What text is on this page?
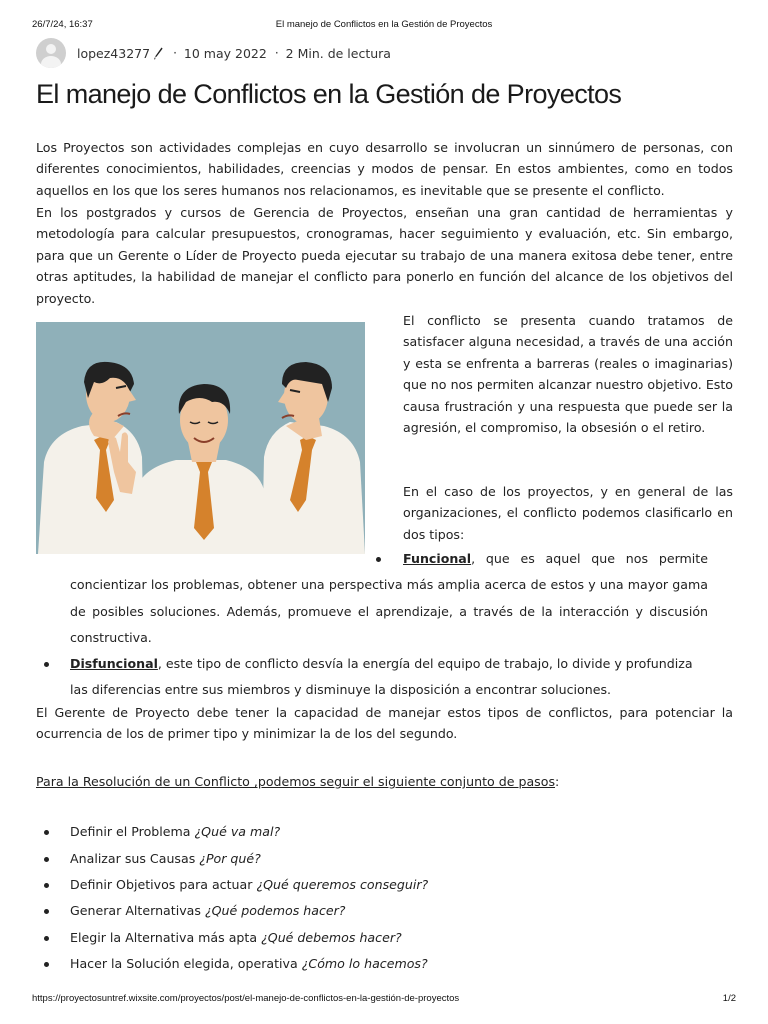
26/7/24, 16:37	El manejo de Conflictos en la Gestión de Proyectos
lopez43277 · 10 may 2022 · 2 Min. de lectura
El manejo de Conflictos en la Gestión de Proyectos

Los Proyectos son actividades complejas en cuyo desarrollo se involucran un sinnúmero de personas, con diferentes conocimientos, habilidades, creencias y modos de pensar. En estos ambientes, como en todos aquellos en los que los seres humanos nos relacionamos, es inevitable que se presente el conflicto.

En los postgrados y cursos de Gerencia de Proyectos, enseñan una gran cantidad de herramientas y metodología para calcular presupuestos, cronogramas, hacer seguimiento y evaluación, etc. Sin embargo, para que un Gerente o Líder de Proyecto pueda ejecutar su trabajo de una manera exitosa debe tener, entre otras aptitudes, la habilidad de manejar el conflicto para ponerlo en función del alcance de los objetivos del proyecto.

El conflicto se presenta cuando tratamos de satisfacer alguna necesidad, a través de una acción y esta se enfrenta a barreras (reales o imaginarias) que no nos permiten alcanzar nuestro objetivo. Esto causa frustración y una respuesta que puede ser la agresión, el compromiso, la obsesión o el retiro.

En el caso de los proyectos, y en general de las organizaciones, el conflicto podemos clasificarlo en dos tipos:

Funcional, que es aquel que nos permite

concientizar los problemas, obtener una perspectiva más amplia acerca de estos y una mayor gama de posibles soluciones. Además, promueve el aprendizaje, a través de la interacción y discusión constructiva.

Disfuncional, este tipo de conflicto desvía la energía del equipo de trabajo, lo divide y profundiza

las diferencias entre sus miembros y disminuye la disposición a encontrar soluciones.

El Gerente de Proyecto debe tener la capacidad de manejar estos tipos de conflictos, para potenciar la ocurrencia de los de primer tipo y minimizar la de los del segundo.

Para la Resolución de un Conflicto ,podemos seguir el siguiente conjunto de pasos:

Definir el Problema ¿Qué va mal?
Analizar sus Causas ¿Por qué?
Definir Objetivos para actuar ¿Qué queremos conseguir?
Generar Alternativas ¿Qué podemos hacer?
Elegir la Alternativa más apta ¿Qué debemos hacer?
Hacer la Solución elegida, operativa ¿Cómo lo hacemos?
https://proyectosuntref.wixsite.com/proyectos/post/el-manejo-de-conflictos-en-la-gestión-de-proyectos	1/2
